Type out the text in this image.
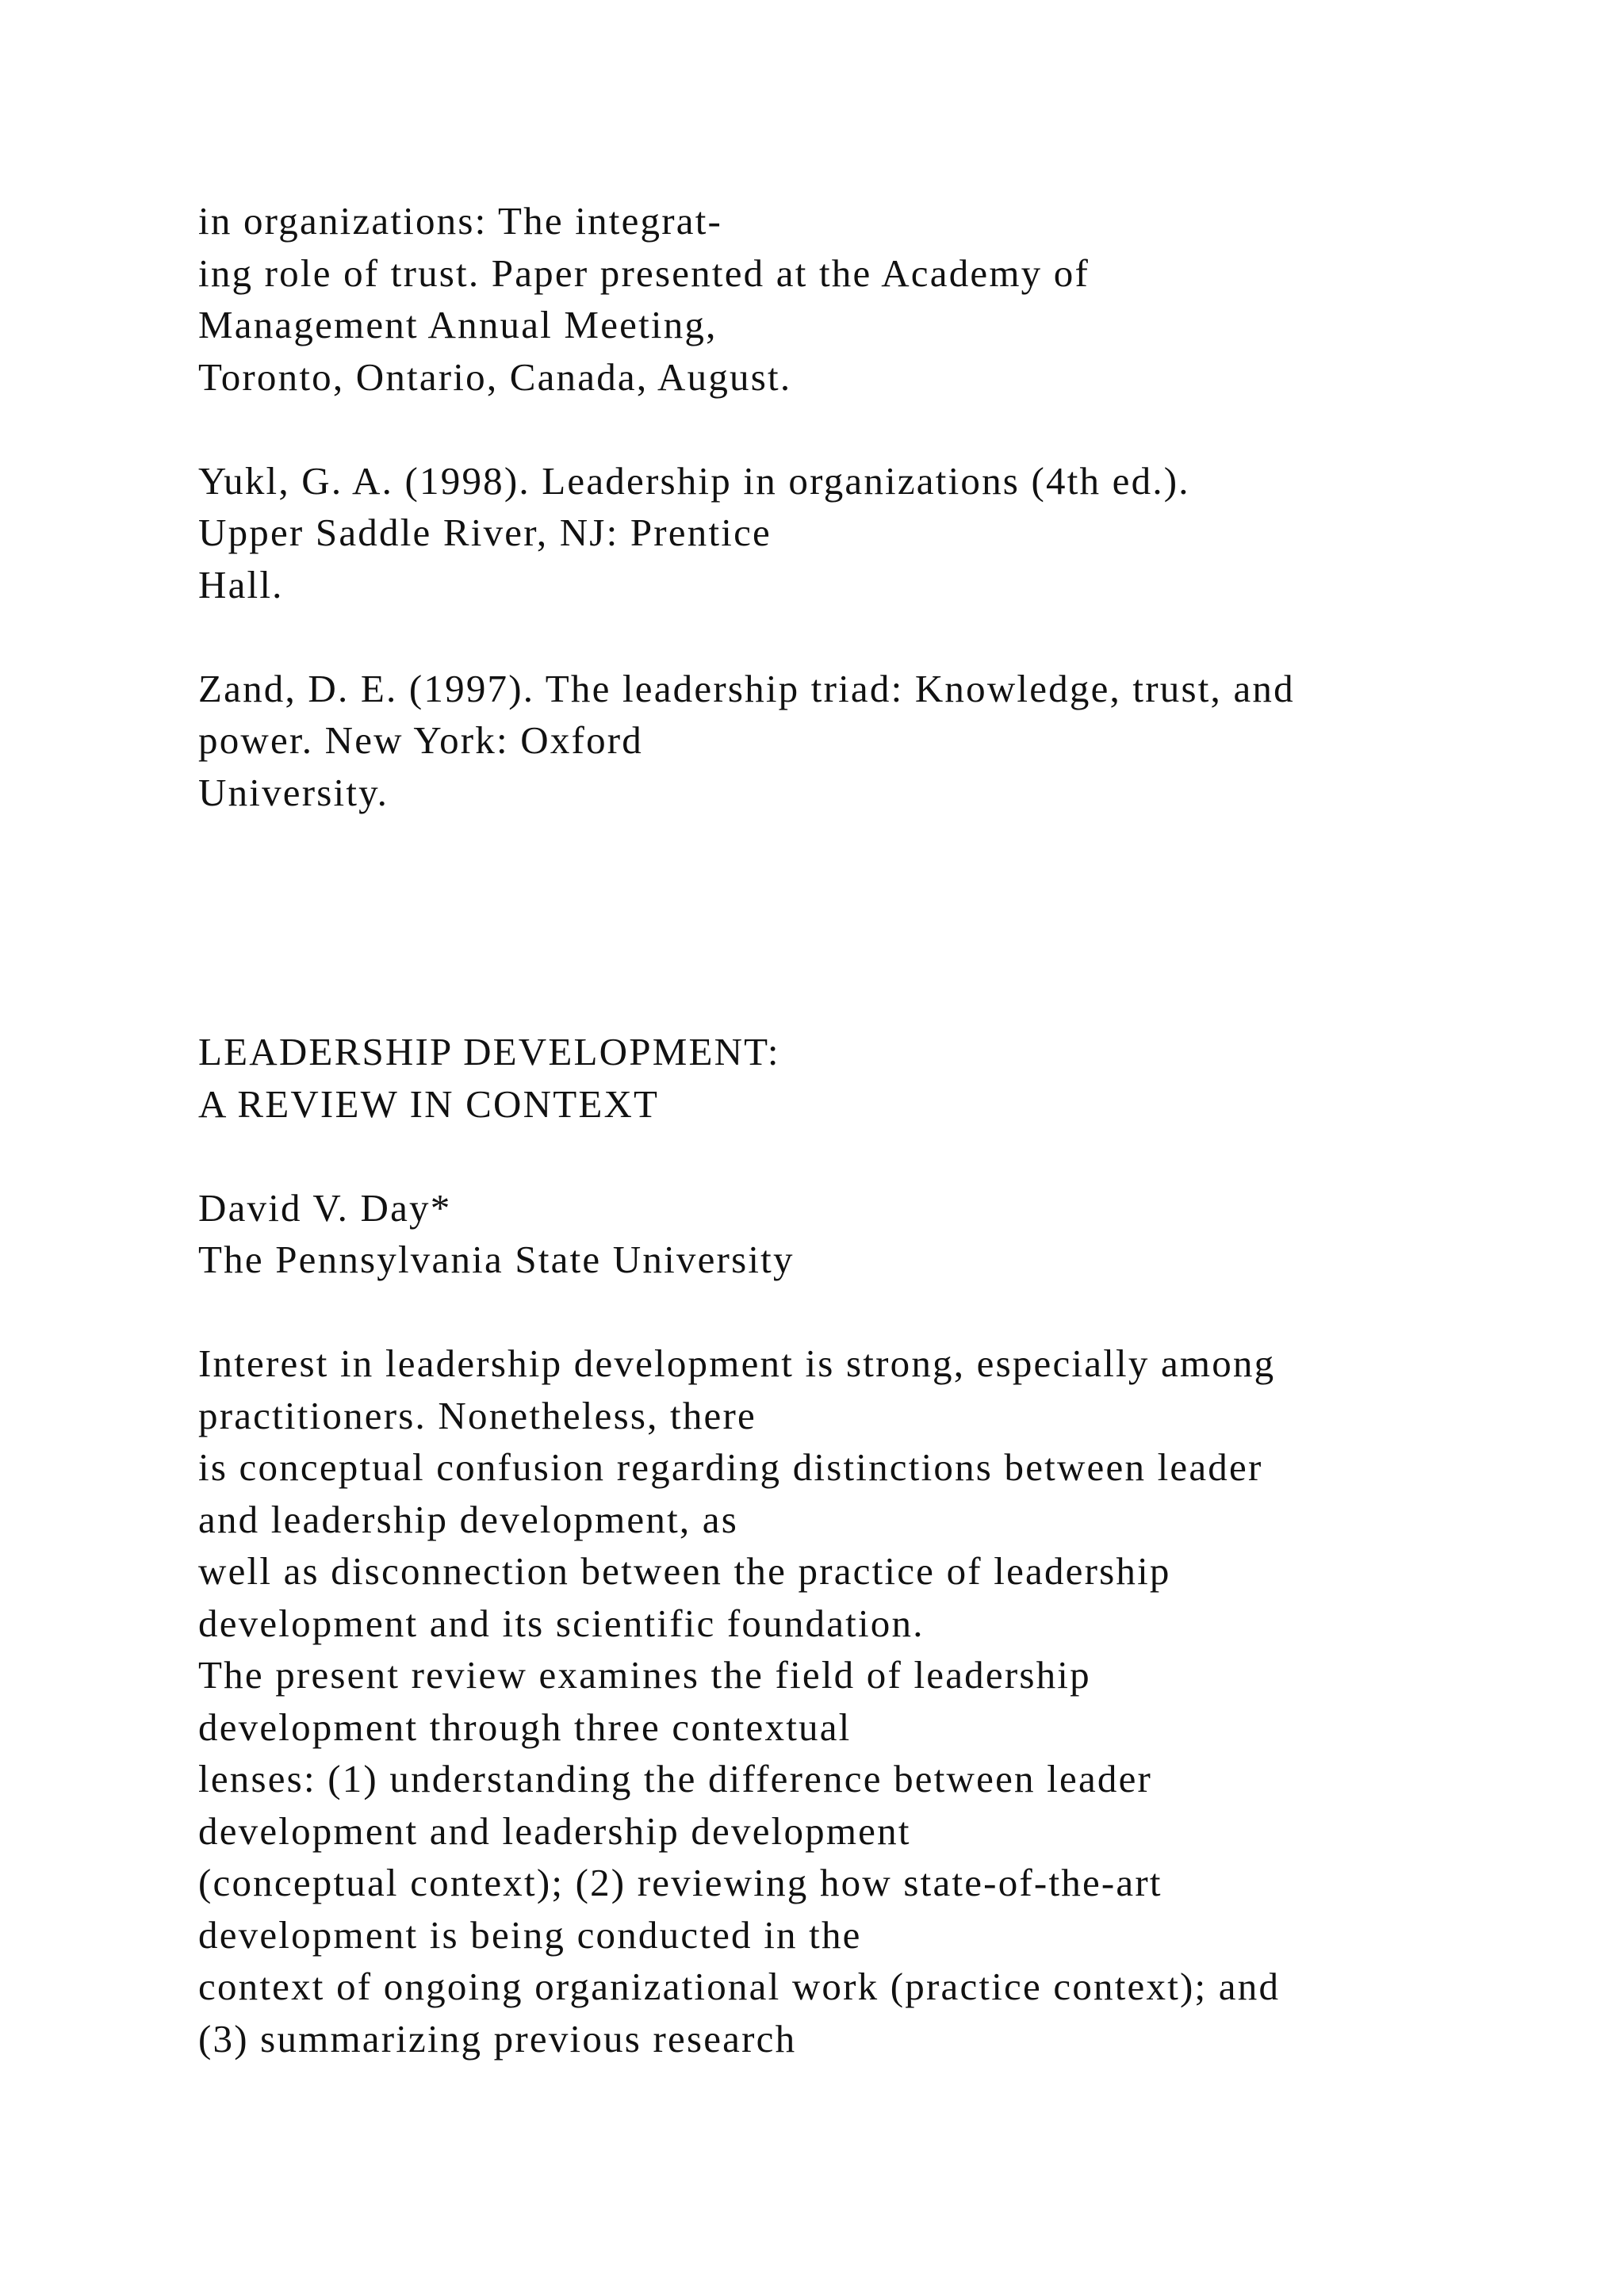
in organizations: The integrat-
ing role of trust. Paper presented at the Academy of
Management Annual Meeting,
Toronto, Ontario, Canada, August.
Yukl, G. A. (1998). Leadership in organizations (4th ed.).
Upper Saddle River, NJ: Prentice
Hall.
Zand, D. E. (1997). The leadership triad: Knowledge, trust, and
power. New York: Oxford
University.
LEADERSHIP DEVELOPMENT:
A REVIEW IN CONTEXT
David V. Day*
The Pennsylvania State University
Interest in leadership development is strong, especially among
practitioners. Nonetheless, there
is conceptual confusion regarding distinctions between leader
and leadership development, as
well as disconnection between the practice of leadership
development and its scientific foundation.
The present review examines the field of leadership
development through three contextual
lenses: (1) understanding the difference between leader
development and leadership development
(conceptual context); (2) reviewing how state-of-the-art
development is being conducted in the
context of ongoing organizational work (practice context); and
(3) summarizing previous research
